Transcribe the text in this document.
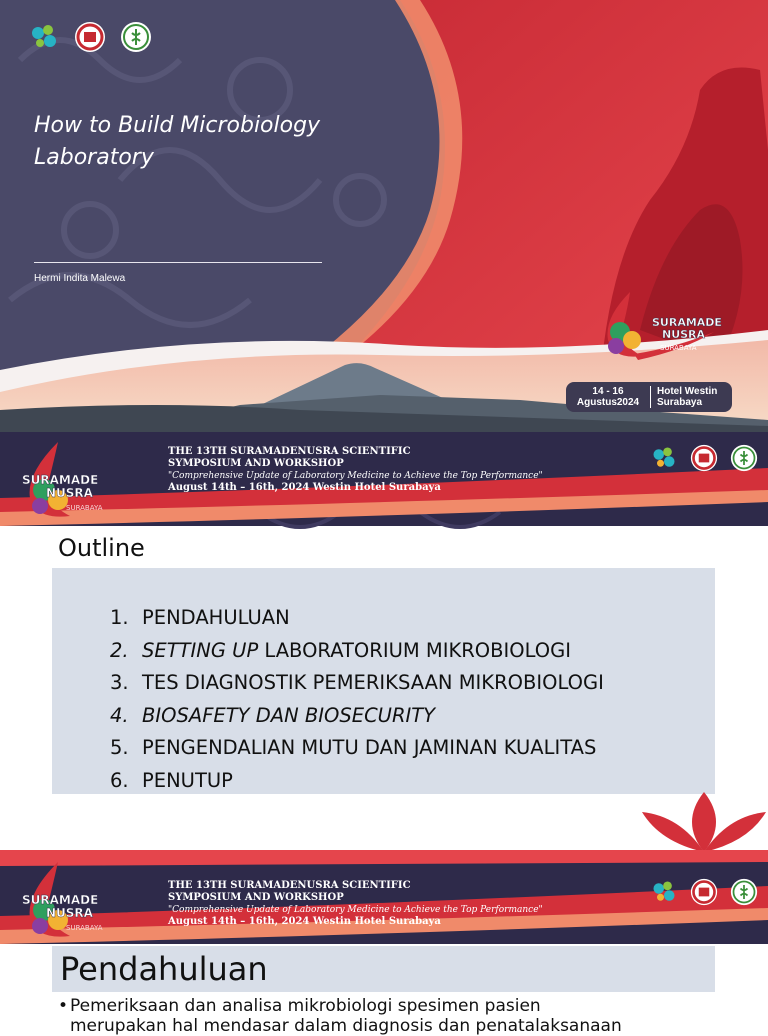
How to Build Microbiology
Laboratory
Hermi Indita Malewa
SURAMADE
NUSRA
SURABAYA
14 - 16
Agustus2024
Hotel Westin
Surabaya
SURAMADE
NUSRA
SURABAYA
THE 13TH SURAMADENUSRA SCIENTIFIC
SYMPOSIUM AND WORKSHOP
"Comprehensive Update of Laboratory Medicine to Achieve the Top Performance"
August 14th – 16th, 2024 Westin Hotel Surabaya
Outline
1. PENDAHULUAN
2. SETTING UP LABORATORIUM MIKROBIOLOGI
3. TES DIAGNOSTIK PEMERIKSAAN MIKROBIOLOGI
4. BIOSAFETY DAN BIOSECURITY
5. PENGENDALIAN MUTU DAN JAMINAN KUALITAS
6. PENUTUP
SURAMADE
NUSRA
SURABAYA
THE 13TH SURAMADENUSRA SCIENTIFIC
SYMPOSIUM AND WORKSHOP
"Comprehensive Update of Laboratory Medicine to Achieve the Top Performance"
August 14th – 16th, 2024 Westin Hotel Surabaya
Pendahuluan
• Pemeriksaan dan analisa mikrobiologi spesimen pasien
merupakan hal mendasar dalam diagnosis dan penatalaksanaan
